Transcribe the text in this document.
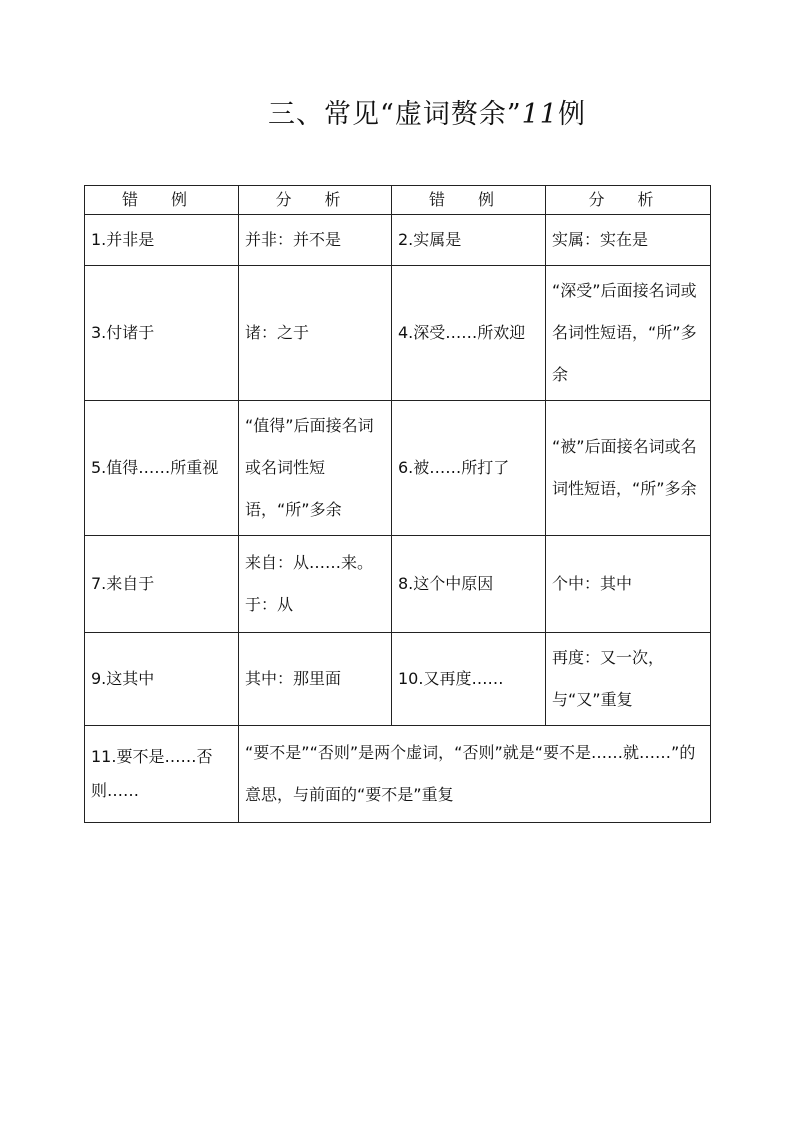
三、常见“虚词赘余”11例
错 例	分 析	错 例	分 析
1.并非是	并非：并不是	2.实属是	实属：实在是
3.付诸于	诸：之于	4.深受……所欢迎	“深受”后面接名词或名词性短语，“所”多余
5.值得……所重视	“值得”后面接名词或名词性短语，“所”多余	6.被……所打了	“被”后面接名词或名词性短语，“所”多余
7.来自于	来自：从……来。于：从	8.这个中原因	个中：其中
9.这其中	其中：那里面	10.又再度……	再度：又一次，与“又”重复
11.要不是……否则……	“要不是”“否则”是两个虚词，“否则”就是“要不是……就……”的意思，与前面的“要不是”重复		
